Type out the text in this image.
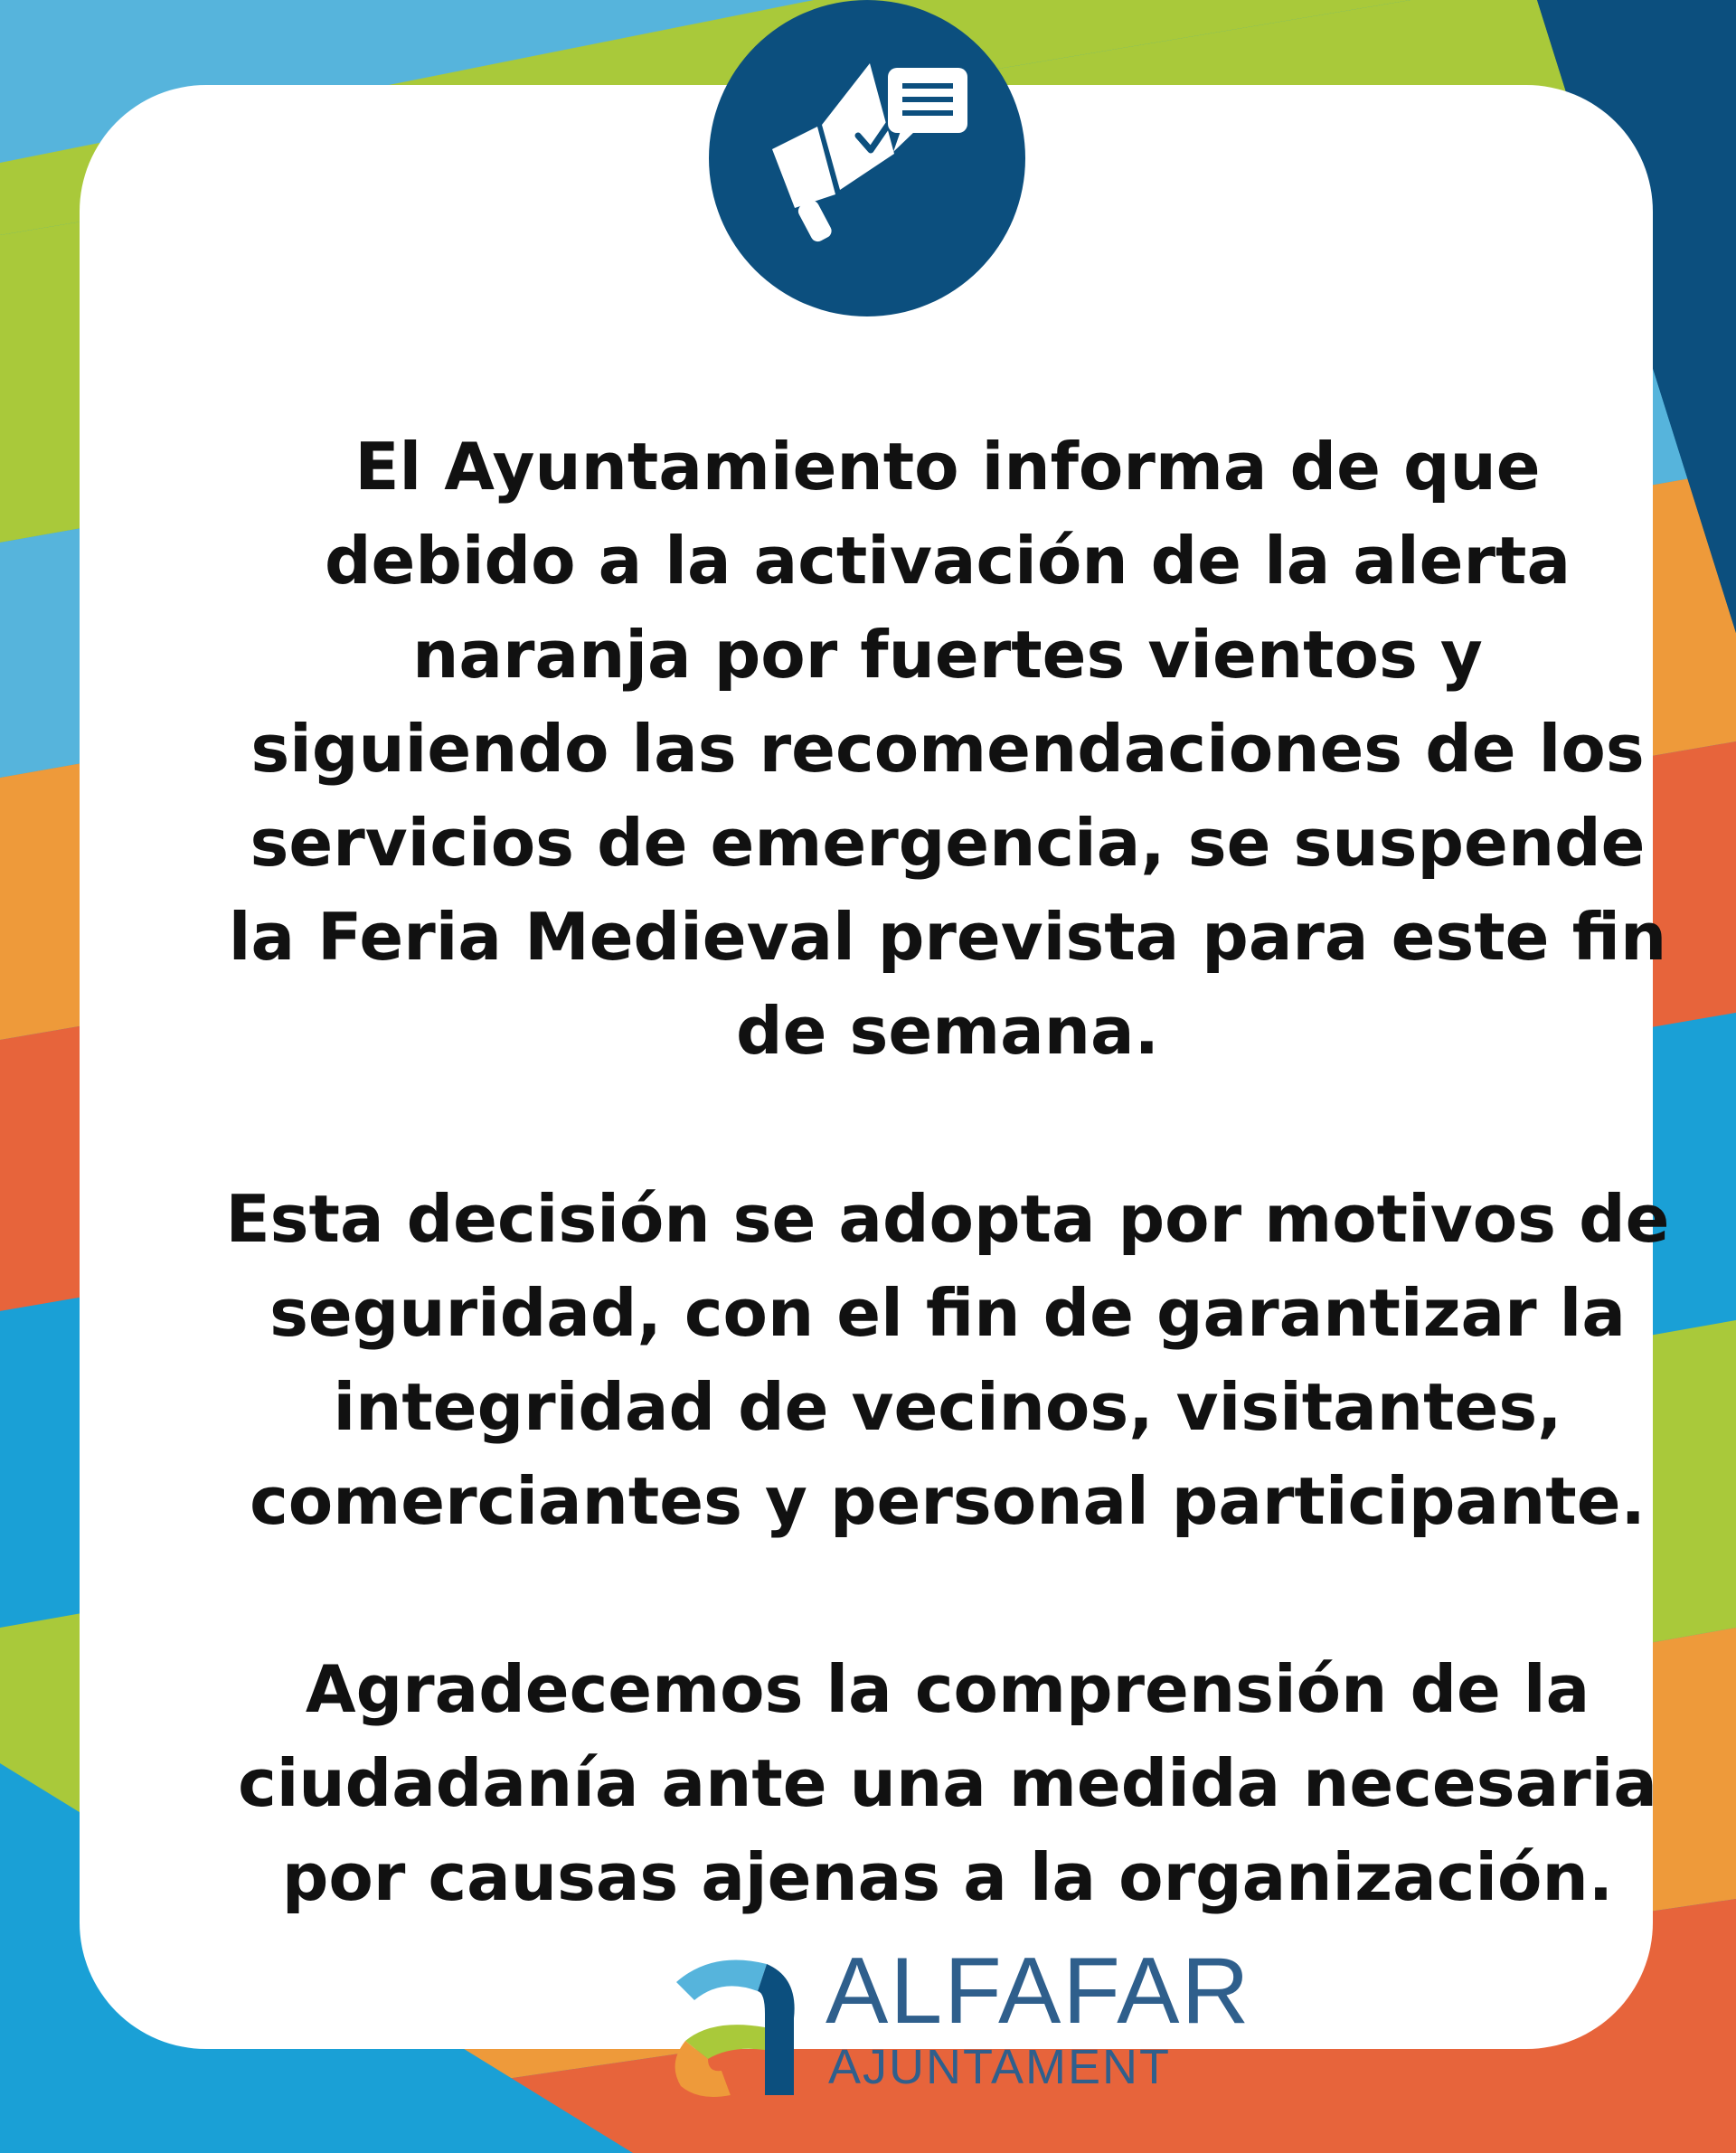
El Ayuntamiento informa de que debido a la activación de la alerta naranja por fuertes vientos y siguiendo las recomendaciones de los servicios de emergencia, se suspende la Feria Medieval prevista para este fin de semana.

Esta decisión se adopta por motivos de seguridad, con el fin de garantizar la integridad de vecinos, visitantes, comerciantes y personal participante.

Agradecemos la comprensión de la ciudadanía ante una medida necesaria por causas ajenas a la organización.

ALFAFAR
AJUNTAMENT
